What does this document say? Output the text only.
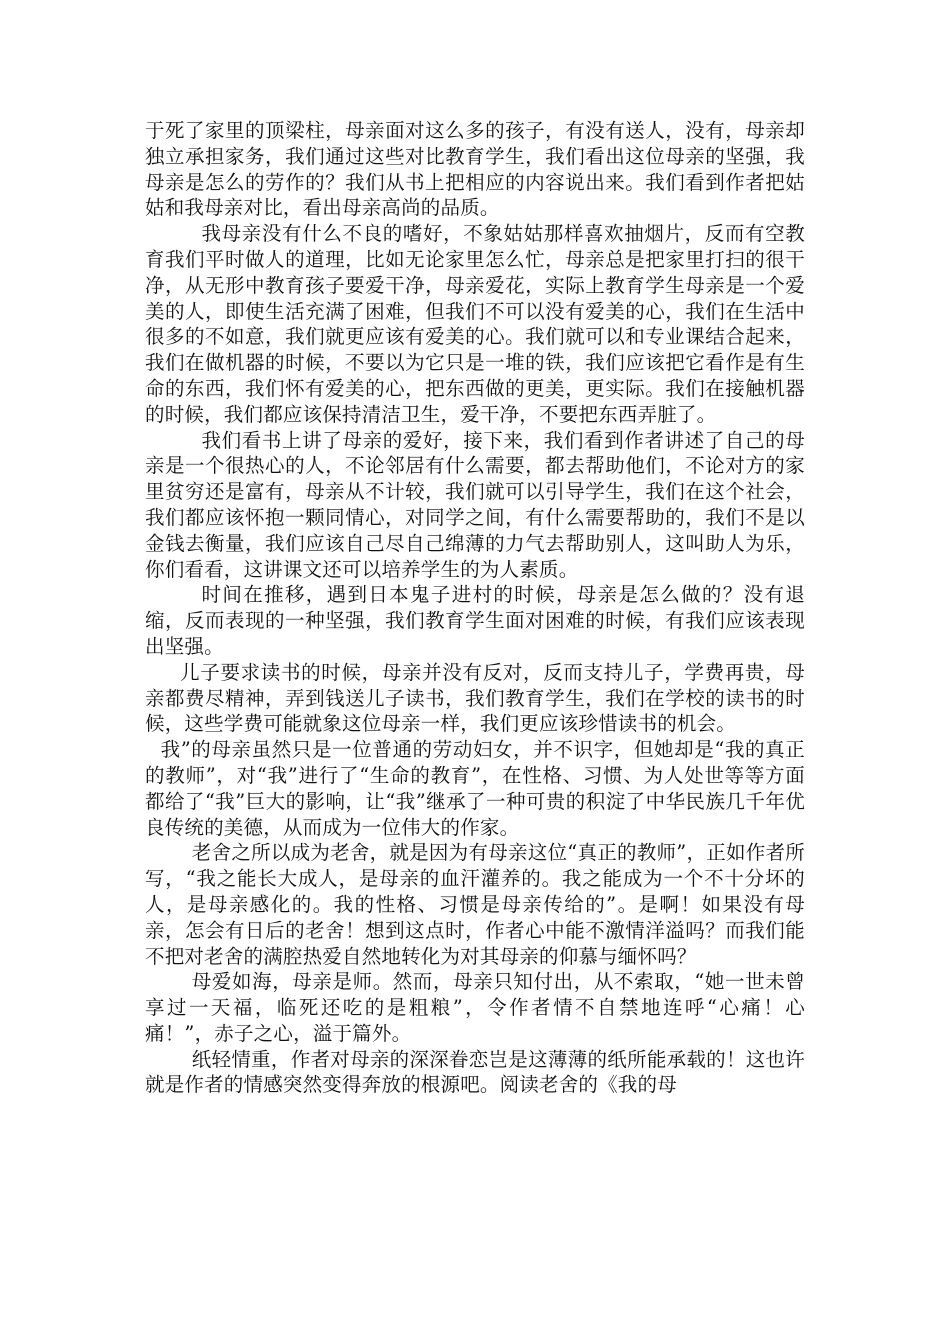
于死了家里的顶梁柱，母亲面对这么多的孩子，有没有送人，没有，母亲却独立承担家务，我们通过这些对比教育学生，我们看出这位母亲的坚强，我母亲是怎么的劳作的？我们从书上把相应的内容说出来。我们看到作者把姑姑和我母亲对比，看出母亲高尚的品质。

我母亲没有什么不良的嗜好，不象姑姑那样喜欢抽烟片，反而有空教育我们平时做人的道理，比如无论家里怎么忙，母亲总是把家里打扫的很干净，从无形中教育孩子要爱干净，母亲爱花，实际上教育学生母亲是一个爱美的人，即使生活充满了困难，但我们不可以没有爱美的心，我们在生活中很多的不如意，我们就更应该有爱美的心。我们就可以和专业课结合起来，我们在做机器的时候，不要以为它只是一堆的铁，我们应该把它看作是有生命的东西，我们怀有爱美的心，把东西做的更美，更实际。我们在接触机器的时候，我们都应该保持清洁卫生，爱干净，不要把东西弄脏了。

我们看书上讲了母亲的爱好，接下来，我们看到作者讲述了自己的母亲是一个很热心的人，不论邻居有什么需要，都去帮助他们，不论对方的家里贫穷还是富有，母亲从不计较，我们就可以引导学生，我们在这个社会，我们都应该怀抱一颗同情心，对同学之间，有什么需要帮助的，我们不是以金钱去衡量，我们应该自己尽自己绵薄的力气去帮助别人，这叫助人为乐，你们看看，这讲课文还可以培养学生的为人素质。

时间在推移，遇到日本鬼子进村的时候，母亲是怎么做的？没有退缩，反而表现的一种坚强，我们教育学生面对困难的时候，有我们应该表现出坚强。

儿子要求读书的时候，母亲并没有反对，反而支持儿子，学费再贵，母亲都费尽精神，弄到钱送儿子读书，我们教育学生，我们在学校的读书的时候，这些学费可能就象这位母亲一样，我们更应该珍惜读书的机会。

我”的母亲虽然只是一位普通的劳动妇女，并不识字，但她却是“我的真正的教师”，对“我”进行了“生命的教育”，在性格、习惯、为人处世等等方面都给了“我”巨大的影响，让“我”继承了一种可贵的积淀了中华民族几千年优良传统的美德，从而成为一位伟大的作家。

老舍之所以成为老舍，就是因为有母亲这位“真正的教师”，正如作者所写，“我之能长大成人，是母亲的血汗灌养的。我之能成为一个不十分坏的人，是母亲感化的。我的性格、习惯是母亲传给的”。是啊！如果没有母亲，怎会有日后的老舍！想到这点时，作者心中能不激情洋溢吗？而我们能不把对老舍的满腔热爱自然地转化为对其母亲的仰慕与缅怀吗？

母爱如海，母亲是师。然而，母亲只知付出，从不索取，“她一世未曾享过一天福，临死还吃的是粗粮”，令作者情不自禁地连呼“心痛！心痛！”，赤子之心，溢于篇外。

纸轻情重，作者对母亲的深深眷恋岂是这薄薄的纸所能承载的！这也许就是作者的情感突然变得奔放的根源吧。阅读老舍的《我的母
